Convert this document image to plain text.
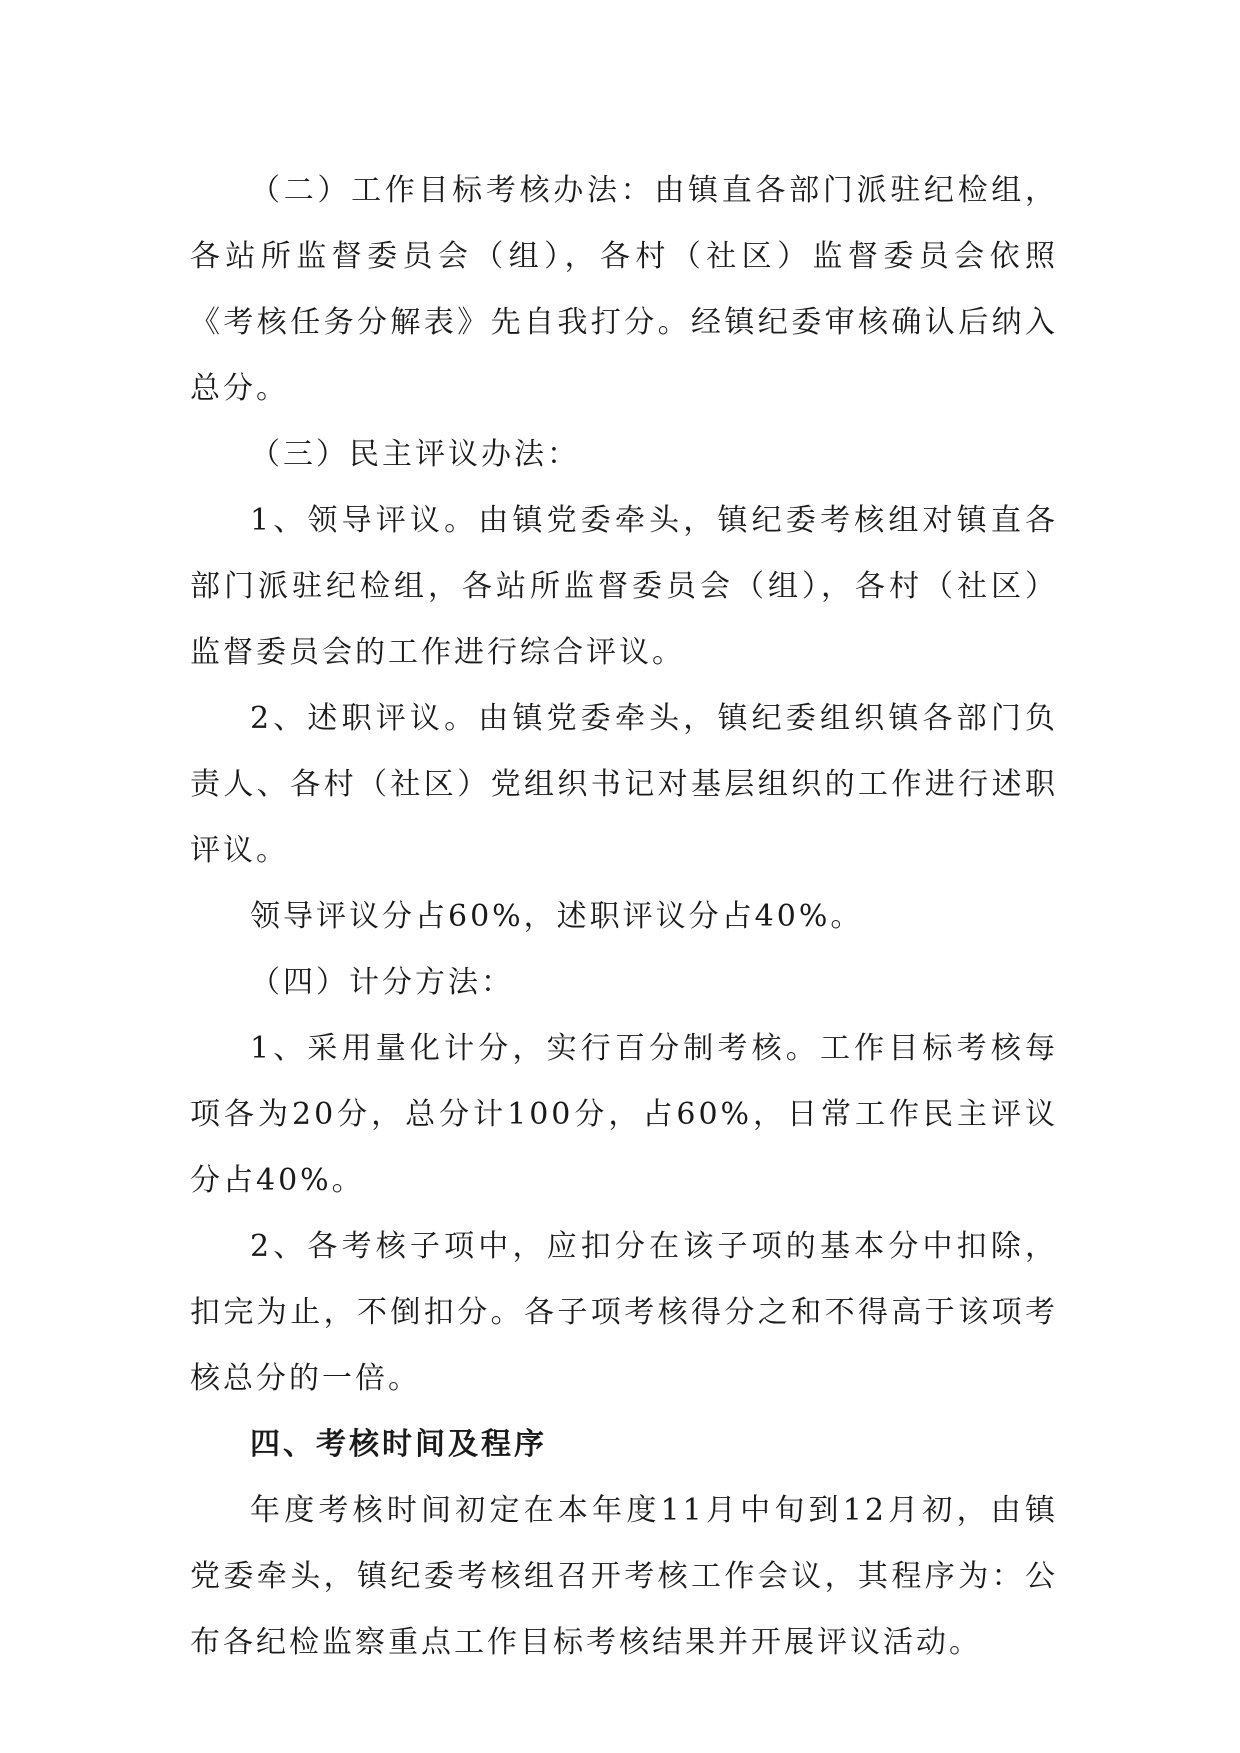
（二）工作目标考核办法：由镇直各部门派驻纪检组，各站所监督委员会（组），各村（社区）监督委员会依照《考核任务分解表》先自我打分。经镇纪委审核确认后纳入总分。

（三）民主评议办法：

1、领导评议。由镇党委牵头，镇纪委考核组对镇直各部门派驻纪检组，各站所监督委员会（组），各村（社区）监督委员会的工作进行综合评议。

2、述职评议。由镇党委牵头，镇纪委组织镇各部门负责人、各村（社区）党组织书记对基层组织的工作进行述职评议。

领导评议分占60%，述职评议分占40%。

（四）计分方法：

1、采用量化计分，实行百分制考核。工作目标考核每项各为20分，总分计100分，占60%，日常工作民主评议分占40%。

2、各考核子项中，应扣分在该子项的基本分中扣除，扣完为止，不倒扣分。各子项考核得分之和不得高于该项考核总分的一倍。

四、考核时间及程序

年度考核时间初定在本年度11月中旬到12月初，由镇党委牵头，镇纪委考核组召开考核工作会议，其程序为：公布各纪检监察重点工作目标考核结果并开展评议活动。
